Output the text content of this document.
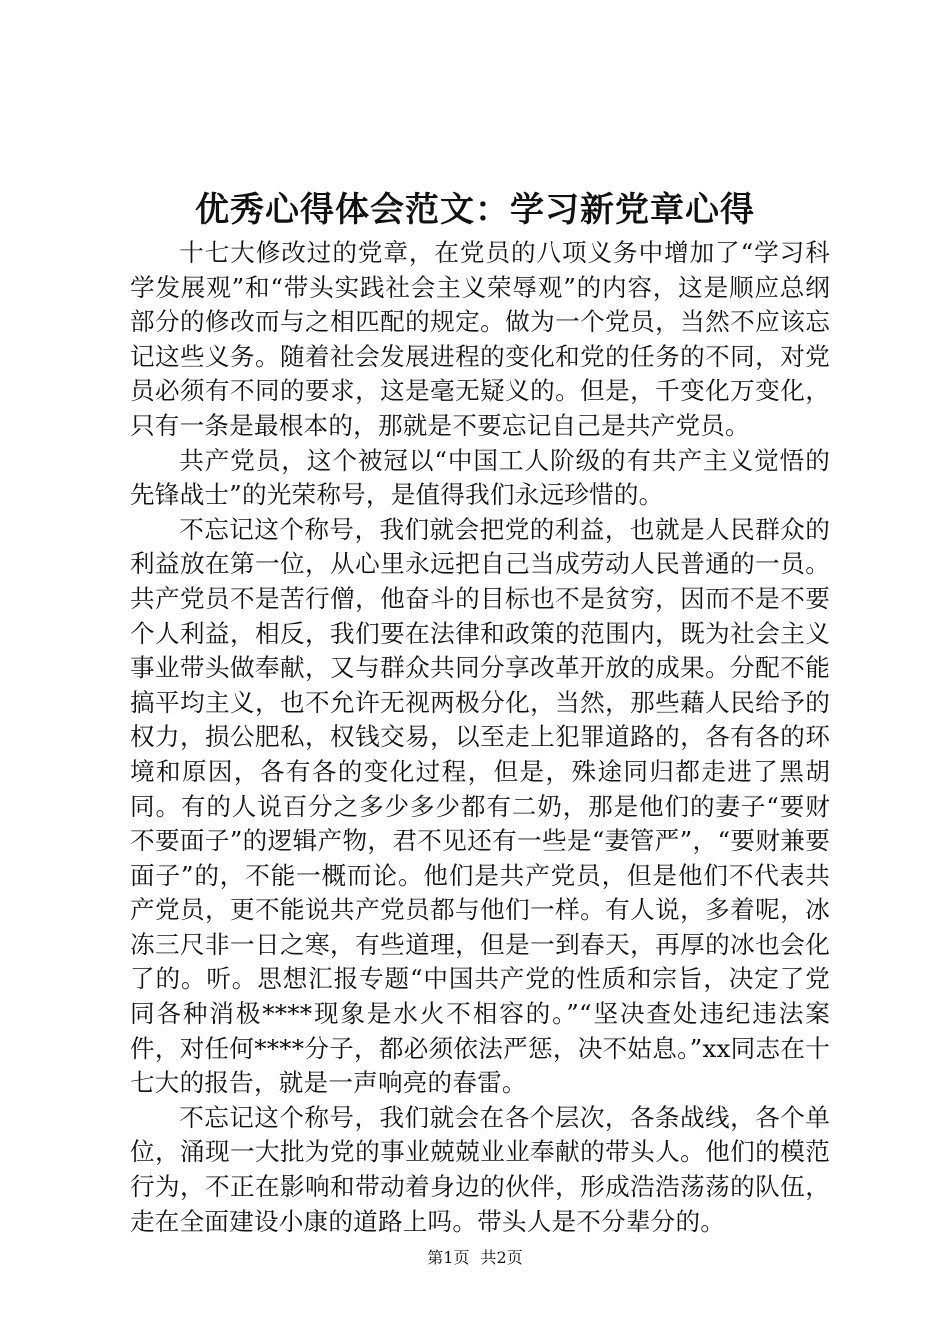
优秀心得体会范文：学习新党章心得

十七大修改过的党章，在党员的八项义务中增加了“学习科学发展观”和“带头实践社会主义荣辱观”的内容，这是顺应总纲部分的修改而与之相匹配的规定。做为一个党员，当然不应该忘记这些义务。随着社会发展进程的变化和党的任务的不同，对党员必须有不同的要求，这是毫无疑义的。但是，千变化万变化，只有一条是最根本的，那就是不要忘记自己是共产党员。

共产党员，这个被冠以“中国工人阶级的有共产主义觉悟的先锋战士”的光荣称号，是值得我们永远珍惜的。

不忘记这个称号，我们就会把党的利益，也就是人民群众的利益放在第一位，从心里永远把自己当成劳动人民普通的一员。共产党员不是苦行僧，他奋斗的目标也不是贫穷，因而不是不要个人利益，相反，我们要在法律和政策的范围内，既为社会主义事业带头做奉献，又与群众共同分享改革开放的成果。分配不能搞平均主义，也不允许无视两极分化，当然，那些藉人民给予的权力，损公肥私，权钱交易，以至走上犯罪道路的，各有各的环境和原因，各有各的变化过程，但是，殊途同归都走进了黑胡同。有的人说百分之多少多少都有二奶，那是他们的妻子“要财不要面子”的逻辑产物，君不见还有一些是“妻管严”，“要财兼要面子”的，不能一概而论。他们是共产党员，但是他们不代表共产党员，更不能说共产党员都与他们一样。有人说，多着呢，冰冻三尺非一日之寒，有些道理，但是一到春天，再厚的冰也会化了的。听。思想汇报专题“中国共产党的性质和宗旨，决定了党同各种消极****现象是水火不相容的。”“坚决查处违纪违法案件，对任何****分子，都必须依法严惩，决不姑息。”xx同志在十七大的报告，就是一声响亮的春雷。

不忘记这个称号，我们就会在各个层次，各条战线，各个单位，涌现一大批为党的事业兢兢业业奉献的带头人。他们的模范行为，不正在影响和带动着身边的伙伴，形成浩浩荡荡的队伍，走在全面建设小康的道路上吗。带头人是不分辈分的。

第1页 共2页
